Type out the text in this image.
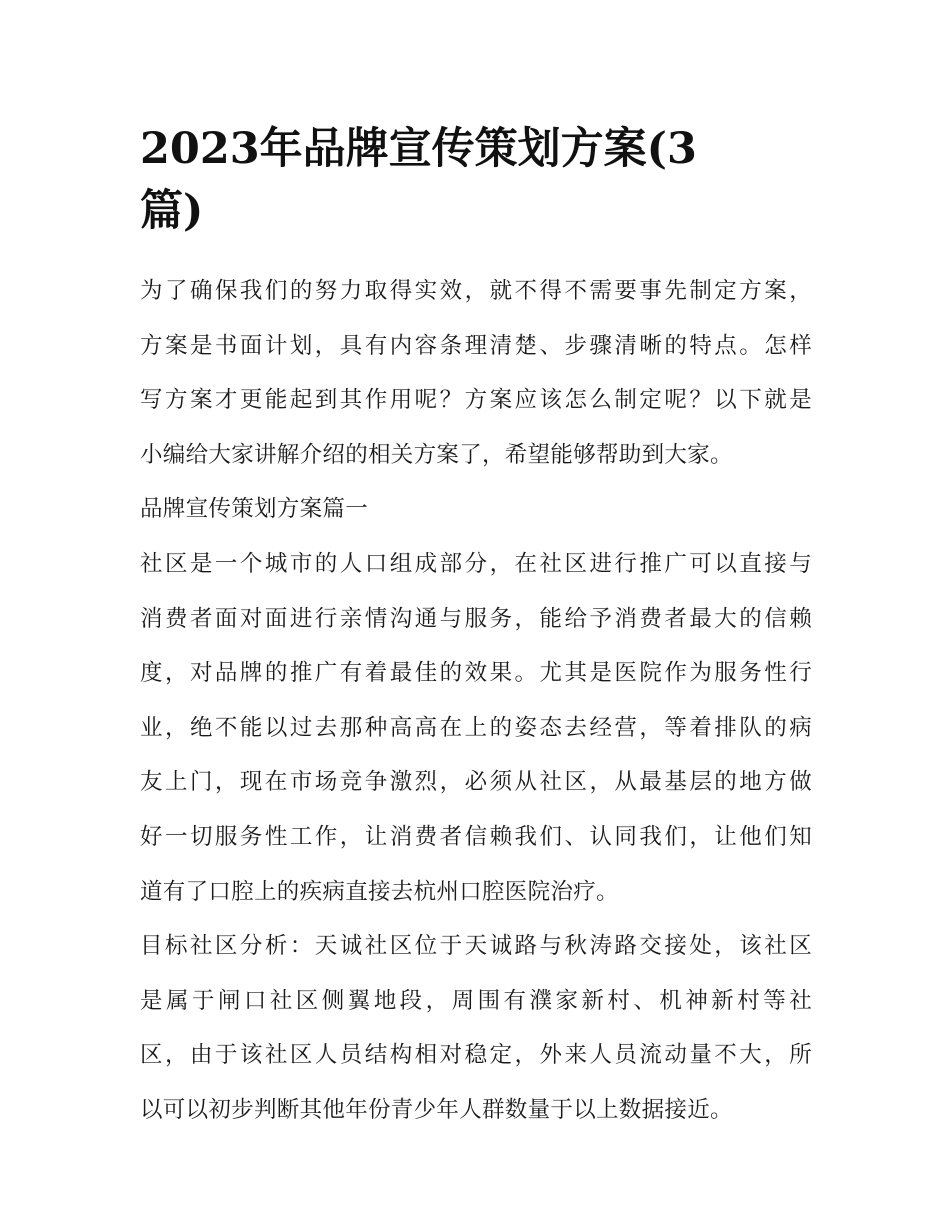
2023年品牌宣传策划方案(3
篇)

为了确保我们的努力取得实效，就不得不需要事先制定方案，
方案是书面计划，具有内容条理清楚、步骤清晰的特点。怎样
写方案才更能起到其作用呢？方案应该怎么制定呢？以下就是
小编给大家讲解介绍的相关方案了，希望能够帮助到大家。

品牌宣传策划方案篇一

社区是一个城市的人口组成部分，在社区进行推广可以直接与
消费者面对面进行亲情沟通与服务，能给予消费者最大的信赖
度，对品牌的推广有着最佳的效果。尤其是医院作为服务性行
业，绝不能以过去那种高高在上的姿态去经营，等着排队的病
友上门，现在市场竞争激烈，必须从社区，从最基层的地方做
好一切服务性工作，让消费者信赖我们、认同我们，让他们知
道有了口腔上的疾病直接去杭州口腔医院治疗。

目标社区分析：天诚社区位于天诚路与秋涛路交接处，该社区
是属于闸口社区侧翼地段，周围有濮家新村、机神新村等社
区，由于该社区人员结构相对稳定，外来人员流动量不大，所
以可以初步判断其他年份青少年人群数量于以上数据接近。
